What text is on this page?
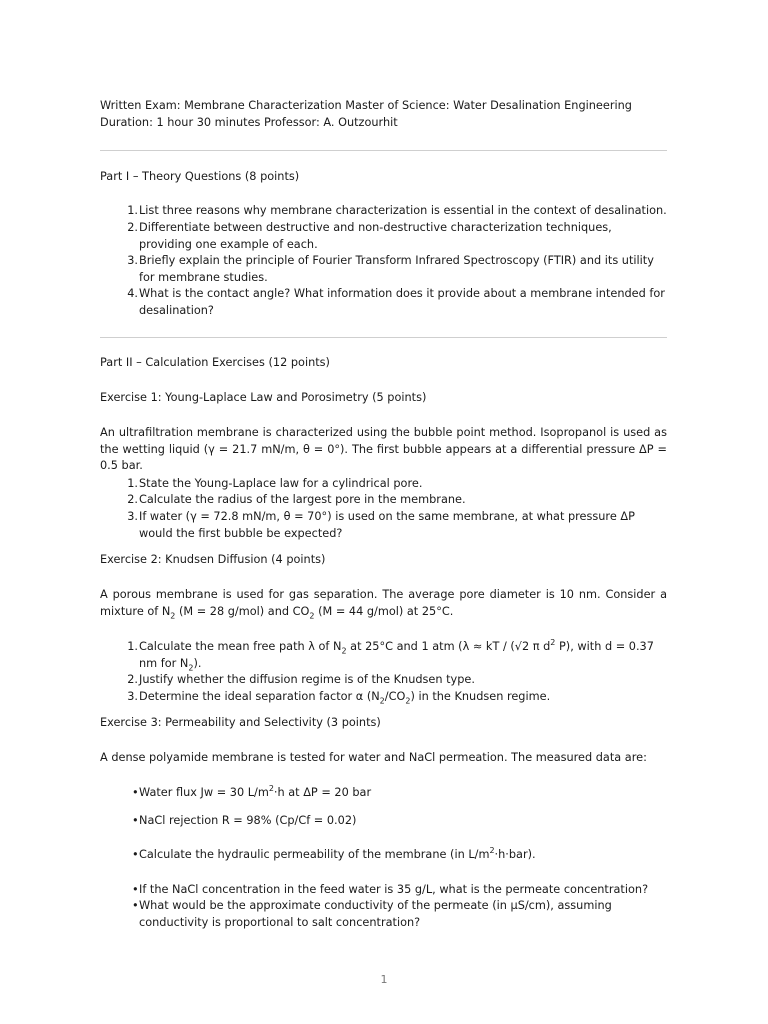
Written Exam: Membrane Characterization Master of Science: Water Desalination Engineering Duration: 1 hour 30 minutes Professor: A. Outzourhit

Part I – Theory Questions (8 points)

1. List three reasons why membrane characterization is essential in the context of desalination.
2. Differentiate between destructive and non-destructive characterization techniques, providing one example of each.
3. Briefly explain the principle of Fourier Transform Infrared Spectroscopy (FTIR) and its utility for membrane studies.
4. What is the contact angle? What information does it provide about a membrane intended for desalination?

Part II – Calculation Exercises (12 points)

Exercise 1: Young-Laplace Law and Porosimetry (5 points)

An ultrafiltration membrane is characterized using the bubble point method. Isopropanol is used as the wetting liquid (γ = 21.7 mN/m, θ = 0°). The first bubble appears at a differential pressure ΔP = 0.5 bar.

1. State the Young-Laplace law for a cylindrical pore.
2. Calculate the radius of the largest pore in the membrane.
3. If water (γ = 72.8 mN/m, θ = 70°) is used on the same membrane, at what pressure ΔP would the first bubble be expected?

Exercise 2: Knudsen Diffusion (4 points)

A porous membrane is used for gas separation. The average pore diameter is 10 nm. Consider a mixture of $N_2$ (M = 28 g/mol) and $CO_2$ (M = 44 g/mol) at 25°C.

1. Calculate the mean free path λ of $N_2$ at 25°C and 1 atm (λ ≈ kT / (√2 π $d^2$ P), with d = 0.37 nm for $N_2$).
2. Justify whether the diffusion regime is of the Knudsen type.
3. Determine the ideal separation factor α $(N_2/CO_2)$ in the Knudsen regime.

Exercise 3: Permeability and Selectivity (3 points)

A dense polyamide membrane is tested for water and NaCl permeation. The measured data are:

• Water flux Jw = 30 $L/m^2\cdot h$ at ΔP = 20 bar
• NaCl rejection R = 98% (Cp/Cf = 0.02)
• Calculate the hydraulic permeability of the membrane (in $L/m^2\cdot h\cdot bar$).
• If the NaCl concentration in the feed water is 35 g/L, what is the permeate concentration?
• What would be the approximate conductivity of the permeate (in μS/cm), assuming conductivity is proportional to salt concentration?
1
